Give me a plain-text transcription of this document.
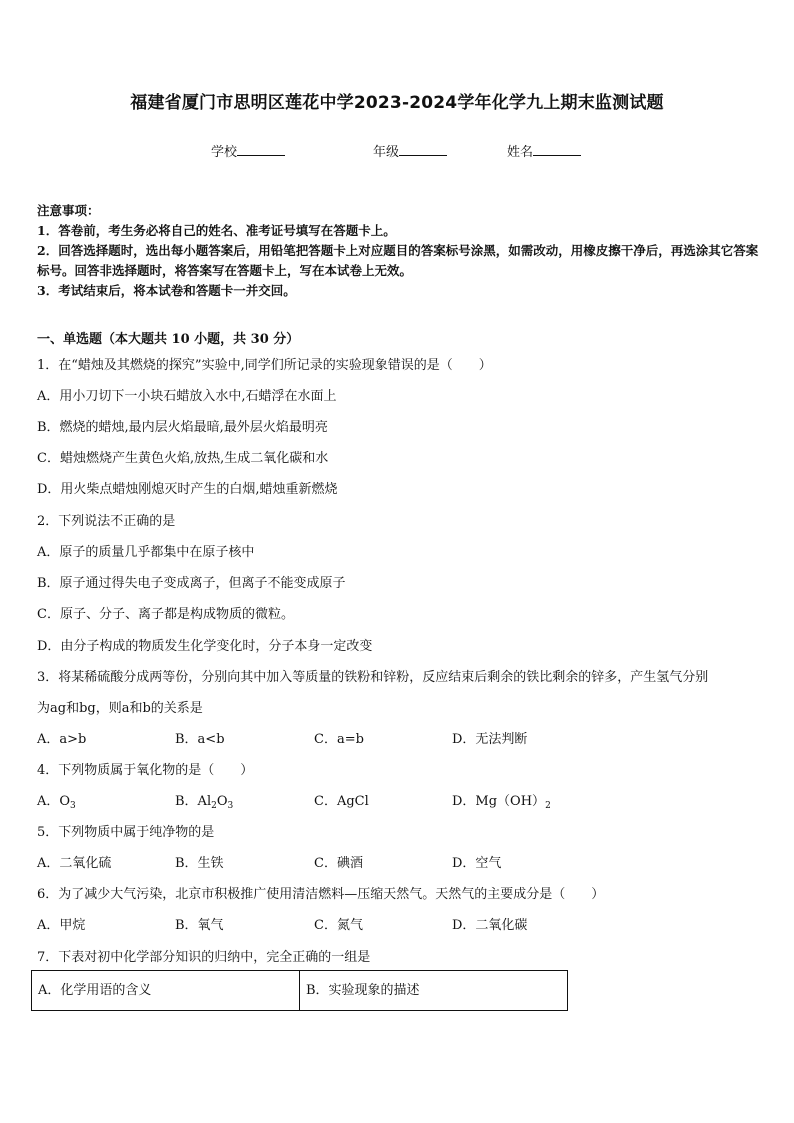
福建省厦门市思明区莲花中学2023-2024学年化学九上期末监测试题
学校	年级	姓名
注意事项：
1．答卷前，考生务必将自己的姓名、准考证号填写在答题卡上。
2．回答选择题时，选出每小题答案后，用铅笔把答题卡上对应题目的答案标号涂黑，如需改动，用橡皮擦干净后，再选涂其它答案标号。回答非选择题时，将答案写在答题卡上，写在本试卷上无效。
3．考试结束后，将本试卷和答题卡一并交回。
一、单选题（本大题共 10 小题，共 30 分）
1．在“蜡烛及其燃烧的探究”实验中,同学们所记录的实验现象错误的是（　　）
A．用小刀切下一小块石蜡放入水中,石蜡浮在水面上
B．燃烧的蜡烛,最内层火焰最暗,最外层火焰最明亮
C．蜡烛燃烧产生黄色火焰,放热,生成二氧化碳和水
D．用火柴点蜡烛刚熄灭时产生的白烟,蜡烛重新燃烧
2．下列说法不正确的是
A．原子的质量几乎都集中在原子核中
B．原子通过得失电子变成离子，但离子不能变成原子
C．原子、分子、离子都是构成物质的微粒。
D．由分子构成的物质发生化学变化时，分子本身一定改变
3．将某稀硫酸分成两等份，分别向其中加入等质量的铁粉和锌粉，反应结束后剩余的铁比剩余的锌多，产生氢气分别
为ag和bg，则a和b的关系是
A．a>b	B．a<b	C．a=b	D．无法判断
4．下列物质属于氧化物的是（　　）
A．$O_3$	B．$Al_2O_3$	C．AgCl	D．$Mg(OH)_2$
5．下列物质中属于纯净物的是
A．二氧化硫	B．生铁	C．碘酒	D．空气
6．为了减少大气污染，北京市积极推广使用清洁燃料—压缩天然气。天然气的主要成分是（　　）
A．甲烷	B．氧气	C．氮气	D．二氧化碳
7．下表对初中化学部分知识的归纳中，完全正确的一组是
A．化学用语的含义	B．实验现象的描述
